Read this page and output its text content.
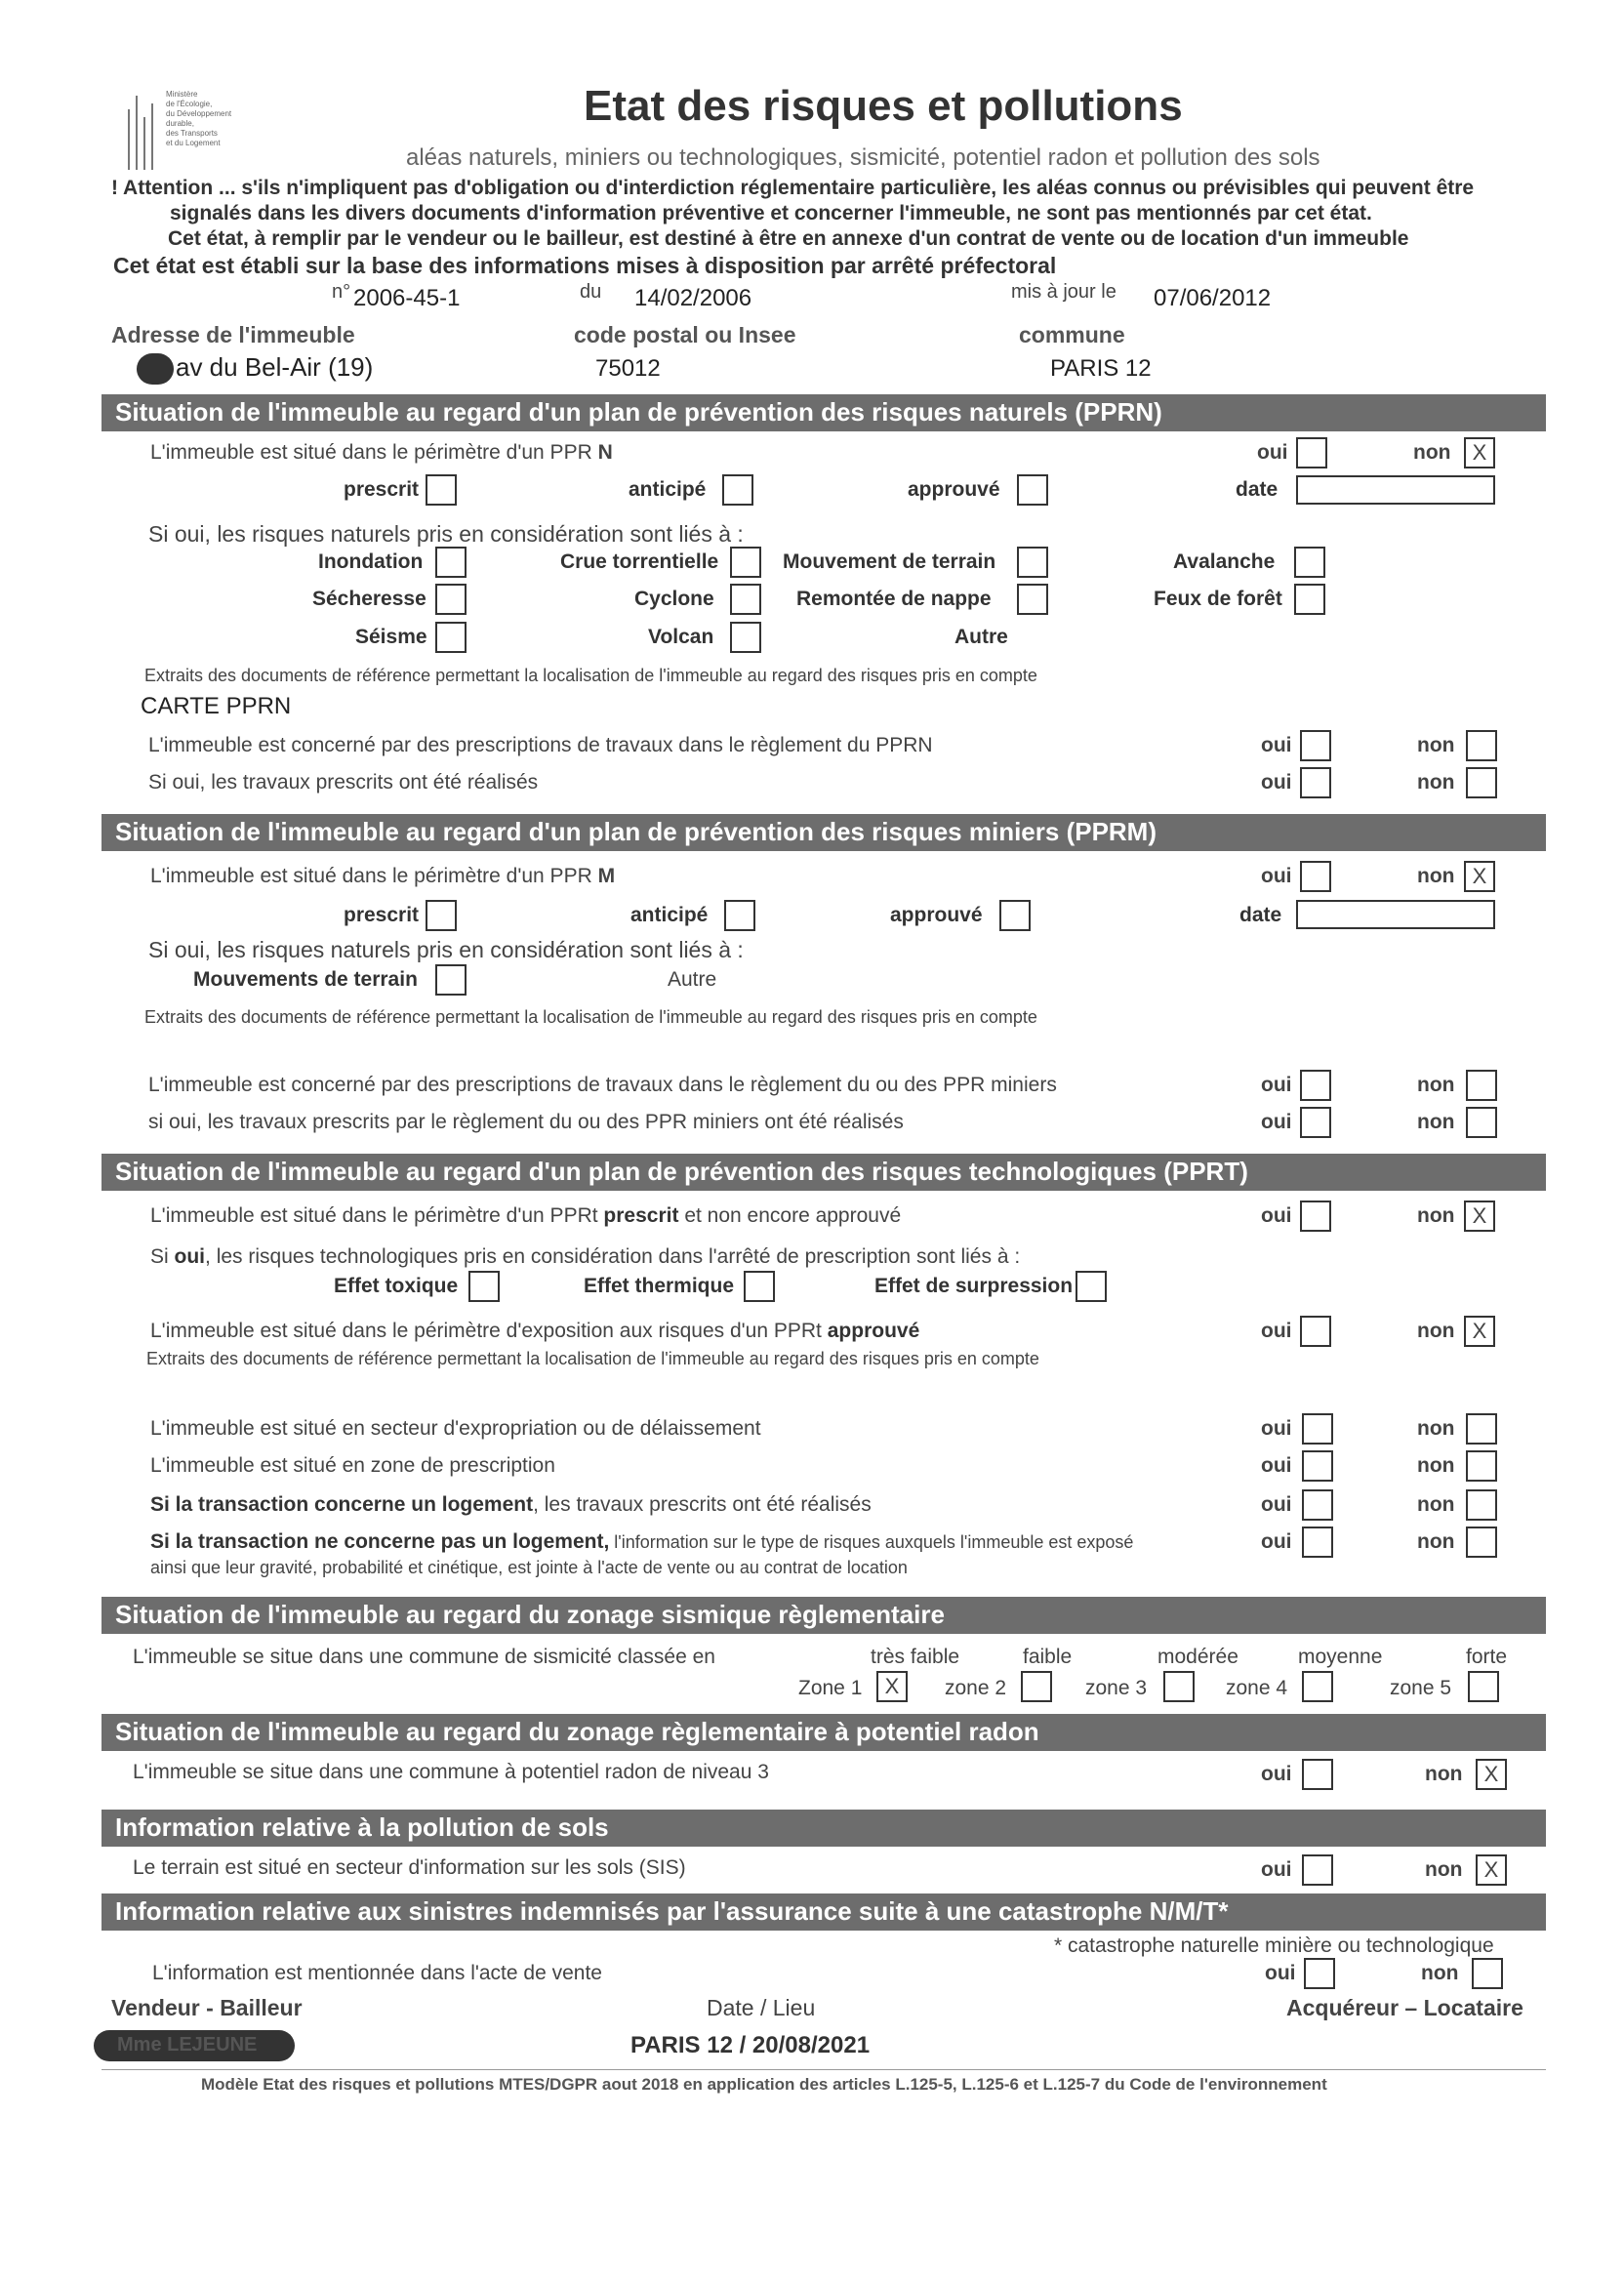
Ministère
de l'Écologie,
du Développement
durable,
des Transports
et du Logement
Etat des risques et pollutions
aléas naturels, miniers ou technologiques, sismicité, potentiel radon et pollution des sols
! Attention ... s'ils n'impliquent pas d'obligation ou d'interdiction réglementaire particulière, les aléas connus ou prévisibles qui peuvent être
signalés dans les divers documents d'information préventive et concerner l'immeuble, ne sont pas mentionnés par cet état.
Cet état, à remplir par le vendeur ou le bailleur, est destiné à être en annexe d'un contrat de vente ou de location d'un immeuble
Cet état est établi sur la base des informations mises à disposition par arrêté préfectoral
n° 2006-45-1	du 14/02/2006	mis à jour le 07/06/2012
Adresse de l'immeuble	code postal ou Insee	commune
av du Bel-Air (19)	75012	PARIS 12
Situation de l'immeuble au regard d'un plan de prévention des risques naturels (PPRN)
L'immeuble est situé dans le périmètre d'un PPR N	oui	non	X
prescrit	anticipé	approuvé	date
Si oui, les risques naturels pris en considération sont liés à :
Inondation	Crue torrentielle	Mouvement de terrain	Avalanche
Sécheresse	Cyclone	Remontée de nappe	Feux de forêt
Séisme	Volcan	Autre
Extraits des documents de référence permettant la localisation de l'immeuble au regard des risques pris en compte
CARTE PPRN
L'immeuble est concerné par des prescriptions de travaux dans le règlement du PPRN	oui	non
Si oui, les travaux prescrits ont été réalisés	oui	non
Situation de l'immeuble au regard d'un plan de prévention des risques miniers (PPRM)
L'immeuble est situé dans le périmètre d'un PPR M	oui	non X
prescrit	anticipé	approuvé	date
Si oui, les risques naturels pris en considération sont liés à :
Mouvements de terrain	Autre
Extraits des documents de référence permettant la localisation de l'immeuble au regard des risques pris en compte
L'immeuble est concerné par des prescriptions de travaux dans le règlement du ou des PPR miniers	oui	non
si oui, les travaux prescrits par le règlement du ou des PPR miniers ont été réalisés	oui	non
Situation de l'immeuble au regard d'un plan de prévention des risques technologiques (PPRT)
L'immeuble est situé dans le périmètre d'un PPRt prescrit et non encore approuvé	oui	non X
Si oui, les risques technologiques pris en considération dans l'arrêté de prescription sont liés à :
Effet toxique	Effet thermique	Effet de surpression
L'immeuble est situé dans le périmètre d'exposition aux risques d'un PPRt approuvé	oui	non X
Extraits des documents de référence permettant la localisation de l'immeuble au regard des risques pris en compte
L'immeuble est situé en secteur d'expropriation ou de délaissement	oui	non
L'immeuble est situé en zone de prescription	oui	non
Si la transaction concerne un logement, les travaux prescrits ont été réalisés	oui	non
Si la transaction ne concerne pas un logement, l'information sur le type de risques auxquels l'immeuble est exposé	oui	non
ainsi que leur gravité, probabilité et cinétique, est jointe à l'acte de vente ou au contrat de location
Situation de l'immeuble au regard du zonage sismique règlementaire
L'immeuble se situe dans une commune de sismicité classée en	très faible	faible	modérée	moyenne	forte
Zone 1	X	zone 2	zone 3	zone 4	zone 5
Situation de l'immeuble au regard du zonage règlementaire à potentiel radon
L'immeuble se situe dans une commune à potentiel radon de niveau 3	oui	non	X
Information relative à la pollution de sols
Le terrain est situé en secteur d'information sur les sols (SIS)	oui	non	X
Information relative aux sinistres indemnisés par l'assurance suite à une catastrophe N/M/T*
* catastrophe naturelle minière ou technologique
L'information est mentionnée dans l'acte de vente	oui	non
Vendeur - Bailleur	Date / Lieu	Acquéreur – Locataire
Mme LEJEUNE	PARIS 12 / 20/08/2021
Modèle Etat des risques et pollutions MTES/DGPR aout 2018 en application des articles L.125-5, L.125-6 et L.125-7 du Code de l'environnement
